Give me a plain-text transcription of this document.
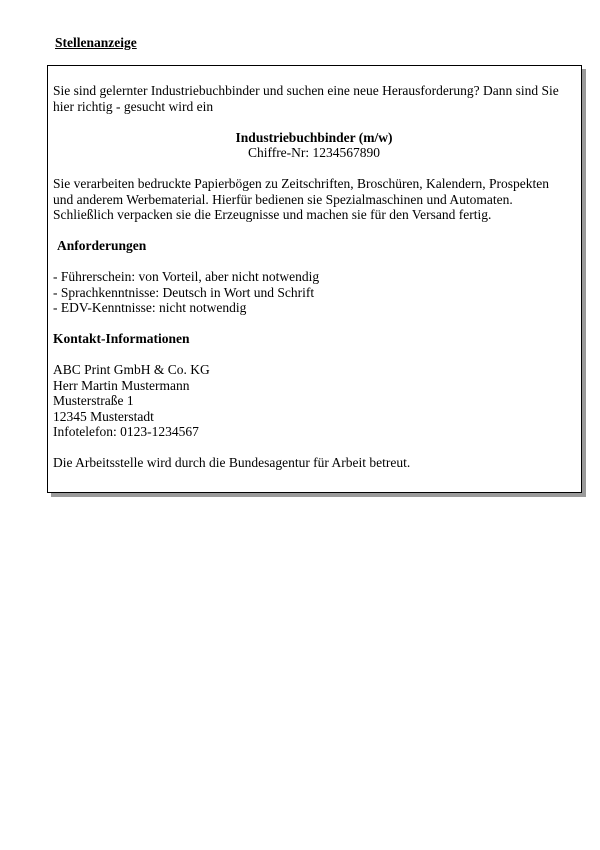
Stellenanzeige

Sie sind gelernter Industriebuchbinder und suchen eine neue Herausforderung? Dann sind Sie

hier richtig - gesucht wird ein

Industriebuchbinder (m/w)

Chiffre-Nr: 1234567890

Sie verarbeiten bedruckte Papierbögen zu Zeitschriften, Broschüren, Kalendern, Prospekten

und anderem Werbematerial. Hierfür bedienen sie Spezialmaschinen und Automaten.

Schließlich verpacken sie die Erzeugnisse und machen sie für den Versand fertig.

Anforderungen

- Führerschein: von Vorteil, aber nicht notwendig

- Sprachkenntnisse: Deutsch in Wort und Schrift

- EDV-Kenntnisse: nicht notwendig

Kontakt-Informationen

ABC Print GmbH & Co. KG

Herr Martin Mustermann

Musterstraße 1

12345 Musterstadt

Infotelefon: 0123-1234567

Die Arbeitsstelle wird durch die Bundesagentur für Arbeit betreut.
